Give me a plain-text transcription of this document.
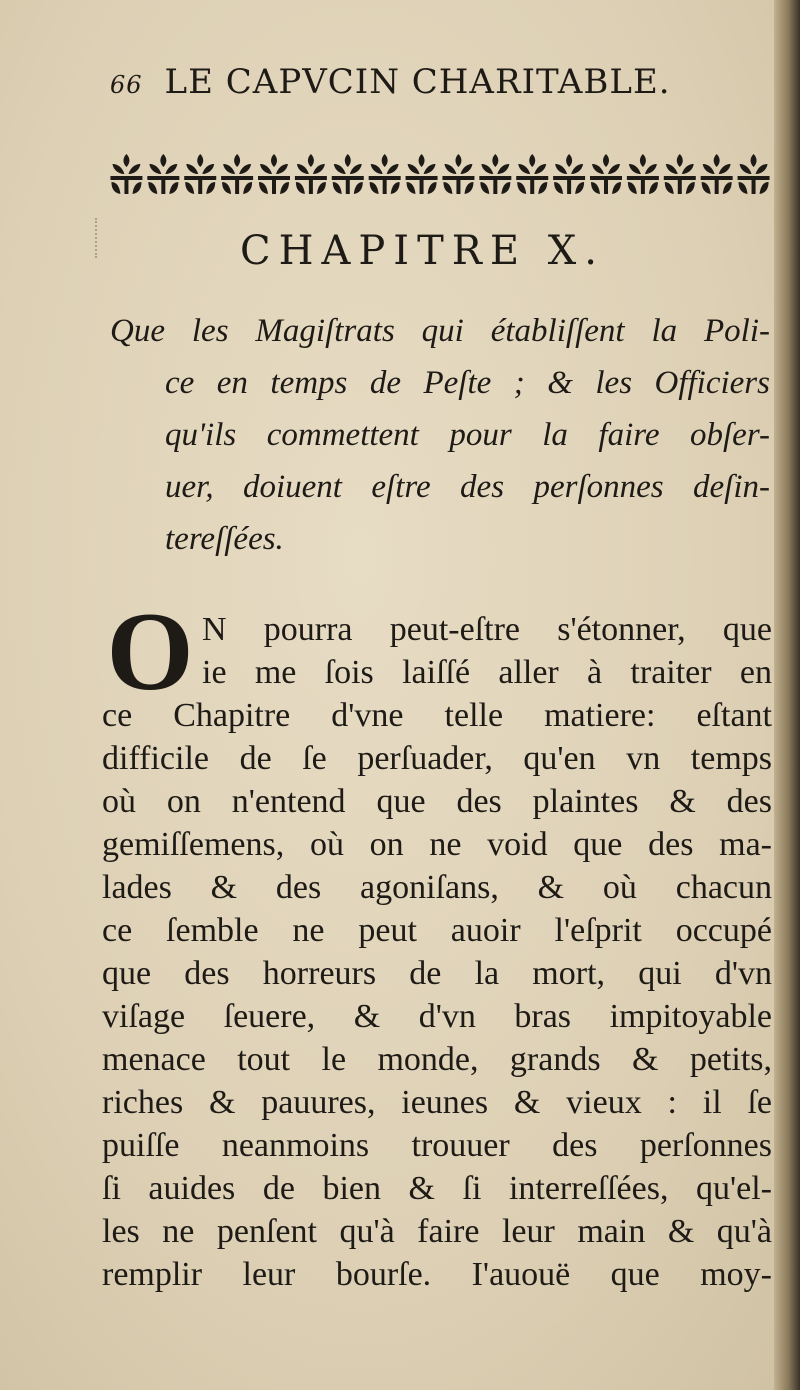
66 LE CAPVCIN CHARITABLE.
CHAPITRE X.
Que les Magiſtrats qui établiſſent la Poli-
ce en temps de Peſte ; & les Officiers
qu'ils commettent pour la faire obſer-
uer, doiuent eſtre des perſonnes deſin-
tereſſées.
O N pourra peut-eſtre s'étonner, que
ie me ſois laiſſé aller à traiter en
ce Chapitre d'vne telle matiere: eſtant
difficile de ſe perſuader, qu'en vn temps
où on n'entend que des plaintes & des
gemiſſemens, où on ne void que des ma-
lades & des agoniſans, & où chacun
ce ſemble ne peut auoir l'eſprit occupé
que des horreurs de la mort, qui d'vn
viſage ſeuere, & d'vn bras impitoyable
menace tout le monde, grands & petits,
riches & pauures, ieunes & vieux : il ſe
puiſſe neanmoins trouuer des perſonnes
ſi auides de bien & ſi interreſſées, qu'el-
les ne penſent qu'à faire leur main & qu'à
remplir leur bourſe. I'auouë que moy-
